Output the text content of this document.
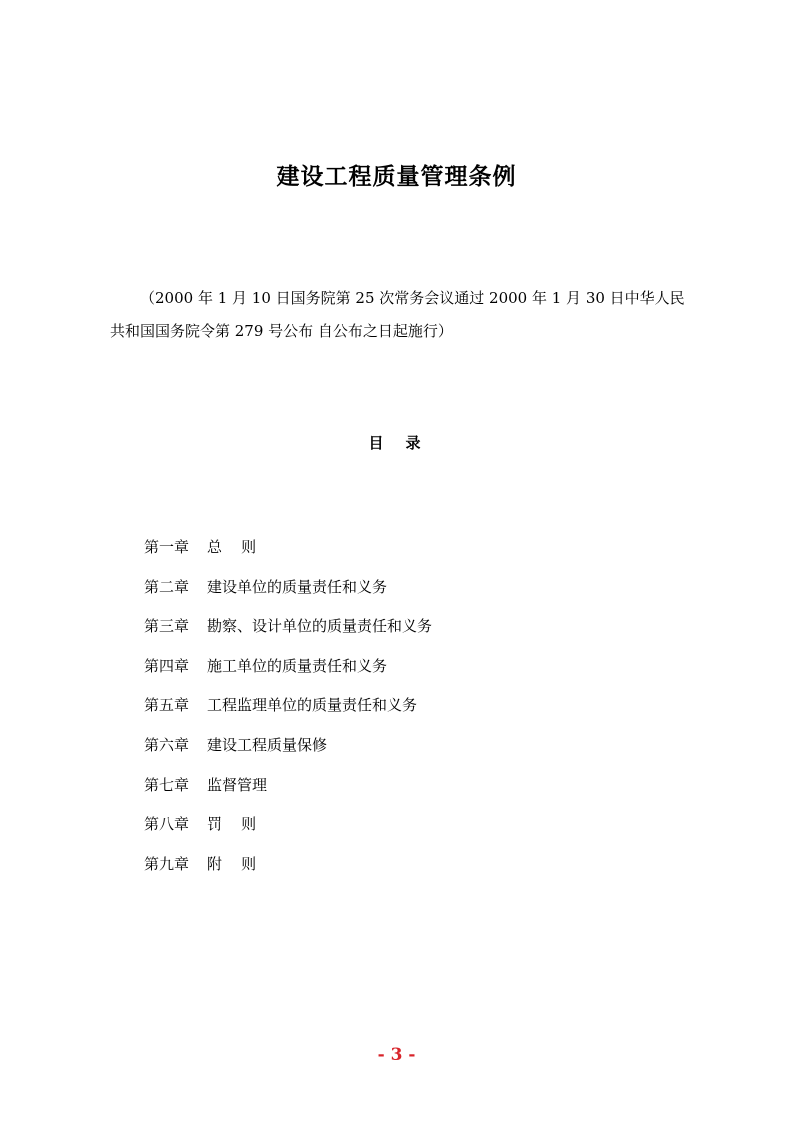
建设工程质量管理条例
（2000 年 1 月 10 日国务院第 25 次常务会议通过 2000 年 1 月 30 日中华人民
共和国国务院令第 279 号公布 自公布之日起施行）
目录
第一章 总    则
第二章 建设单位的质量责任和义务
第三章 勘察、设计单位的质量责任和义务
第四章 施工单位的质量责任和义务
第五章 工程监理单位的质量责任和义务
第六章 建设工程质量保修
第七章 监督管理
第八章 罚    则
第九章 附    则
- 3 -
